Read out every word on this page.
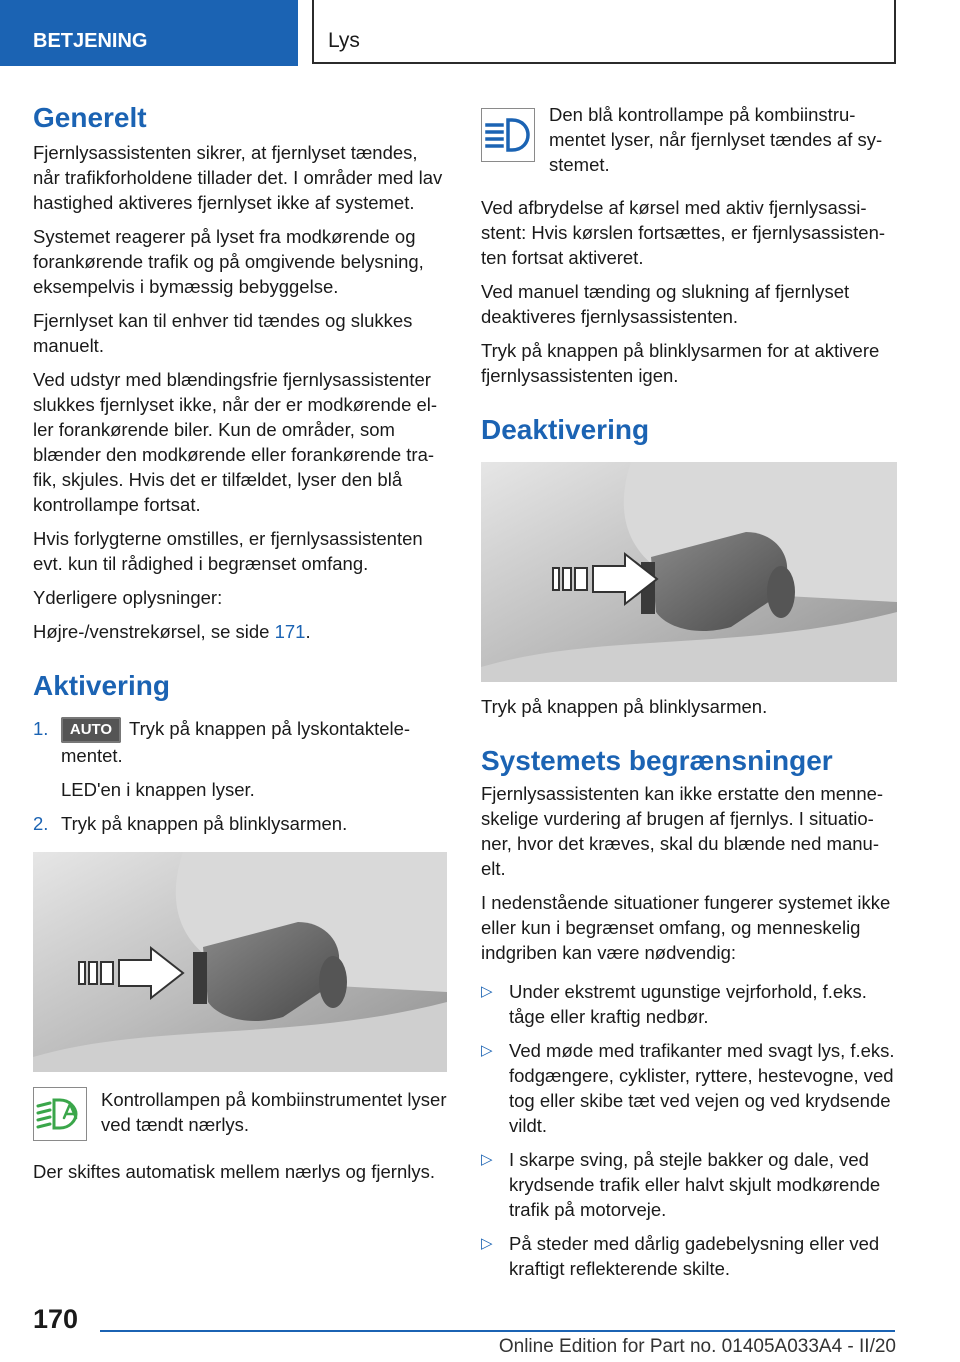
BETJENING	Lys
Generelt

Fjernlysassistenten sikrer, at fjernlyset tændes, når trafikforholdene tillader det. I områder med lav hastighed aktiveres fjernlyset ikke af systemet.

Systemet reagerer på lyset fra modkørende og forankørende trafik og på omgivende belysning, eksempelvis i bymæssig bebyggelse.

Fjernlyset kan til enhver tid tændes og slukkes manuelt.

Ved udstyr med blændingsfrie fjernlysassistenter slukkes fjernlyset ikke, når der er modkørende eller forankørende biler. Kun de områder, som blænder den modkørende eller forankørende trafik, skjules. Hvis det er tilfældet, lyser den blå kontrollampe fortsat.

Hvis forlygterne omstilles, er fjernlysassistenten evt. kun til rådighed i begrænset omfang.

Yderligere oplysninger:

Højre-/venstrekørsel, se side 171.

Aktivering
1. AUTO Tryk på knappen på lyskontaktelementet.
LED'en i knappen lyser.
2. Tryk på knappen på blinklysarmen.

Kontrollampen på kombiinstrumentet lyser ved tændt nærlys.

Der skiftes automatisk mellem nærlys og fjernlys.

Den blå kontrollampe på kombiinstrumentet lyser, når fjernlyset tændes af systemet.

Ved afbrydelse af kørsel med aktiv fjernlysassistent: Hvis kørslen fortsættes, er fjernlysassistenten fortsat aktiveret.

Ved manuel tænding og slukning af fjernlyset deaktiveres fjernlysassistenten.

Tryk på knappen på blinklysarmen for at aktivere fjernlysassistenten igen.

Deaktivering

Tryk på knappen på blinklysarmen.

Systemets begrænsninger

Fjernlysassistenten kan ikke erstatte den menneskelige vurdering af brugen af fjernlys. I situationer, hvor det kræves, skal du blænde ned manuelt.

I nedenstående situationer fungerer systemet ikke eller kun i begrænset omfang, og menneskelig indgriben kan være nødvendig:

▷ Under ekstremt ugunstige vejrforhold, f.eks. tåge eller kraftig nedbør.
▷ Ved møde med trafikanter med svagt lys, f.eks. fodgængere, cyklister, ryttere, hestevogne, ved tog eller skibe tæt ved vejen og ved krydsende vildt.
▷ I skarpe sving, på stejle bakker og dale, ved krydsende trafik eller halvt skjult modkørende trafik på motorveje.
▷ På steder med dårlig gadebelysning eller ved kraftigt reflekterende skilte.
170
Online Edition for Part no. 01405A033A4 - II/20
